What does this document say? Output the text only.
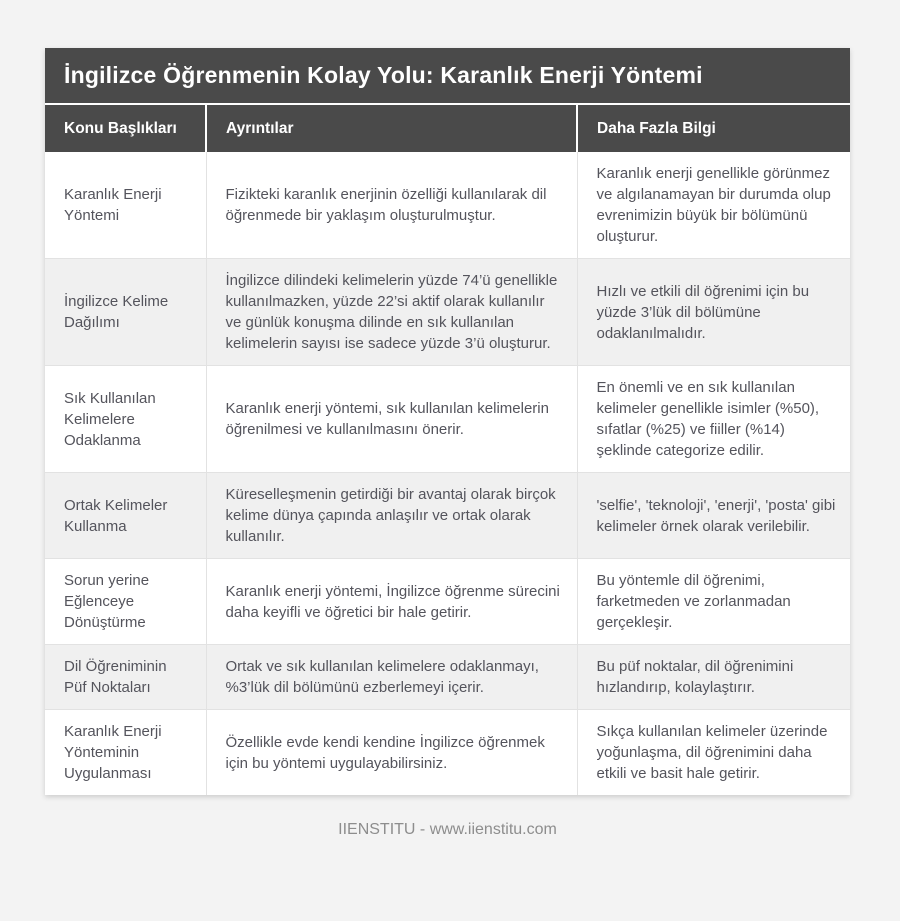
İngilizce Öğrenmenin Kolay Yolu: Karanlık Enerji Yöntemi
Konu Başlıkları	Ayrıntılar	Daha Fazla Bilgi
Karanlık Enerji Yöntemi	Fizikteki karanlık enerjinin özelliği kullanılarak dil öğrenmede bir yaklaşım oluşturulmuştur.	Karanlık enerji genellikle görünmez ve algılanamayan bir durumda olup evrenimizin büyük bir bölümünü oluşturur.
İngilizce Kelime Dağılımı	İngilizce dilindeki kelimelerin yüzde 74’ü genellikle kullanılmazken, yüzde 22’si aktif olarak kullanılır ve günlük konuşma dilinde en sık kullanılan kelimelerin sayısı ise sadece yüzde 3’ü oluşturur.	Hızlı ve etkili dil öğrenimi için bu yüzde 3’lük dil bölümüne odaklanılmalıdır.
Sık Kullanılan Kelimelere Odaklanma	Karanlık enerji yöntemi, sık kullanılan kelimelerin öğrenilmesi ve kullanılmasını önerir.	En önemli ve en sık kullanılan kelimeler genellikle isimler (%50), sıfatlar (%25) ve fiiller (%14) şeklinde categorize edilir.
Ortak Kelimeler Kullanma	Küreselleşmenin getirdiği bir avantaj olarak birçok kelime dünya çapında anlaşılır ve ortak olarak kullanılır.	'selfie', 'teknoloji', 'enerji', 'posta' gibi kelimeler örnek olarak verilebilir.
Sorun yerine Eğlenceye Dönüştürme	Karanlık enerji yöntemi, İngilizce öğrenme sürecini daha keyifli ve öğretici bir hale getirir.	Bu yöntemle dil öğrenimi, farketmeden ve zorlanmadan gerçekleşir.
Dil Öğreniminin Püf Noktaları	Ortak ve sık kullanılan kelimelere odaklanmayı, %3’lük dil bölümünü ezberlemeyi içerir.	Bu püf noktalar, dil öğrenimini hızlandırıp, kolaylaştırır.
Karanlık Enerji Yönteminin Uygulanması	Özellikle evde kendi kendine İngilizce öğrenmek için bu yöntemi uygulayabilirsiniz.	Sıkça kullanılan kelimeler üzerinde yoğunlaşma, dil öğrenimini daha etkili ve basit hale getirir.
IIENSTITU - www.iienstitu.com
